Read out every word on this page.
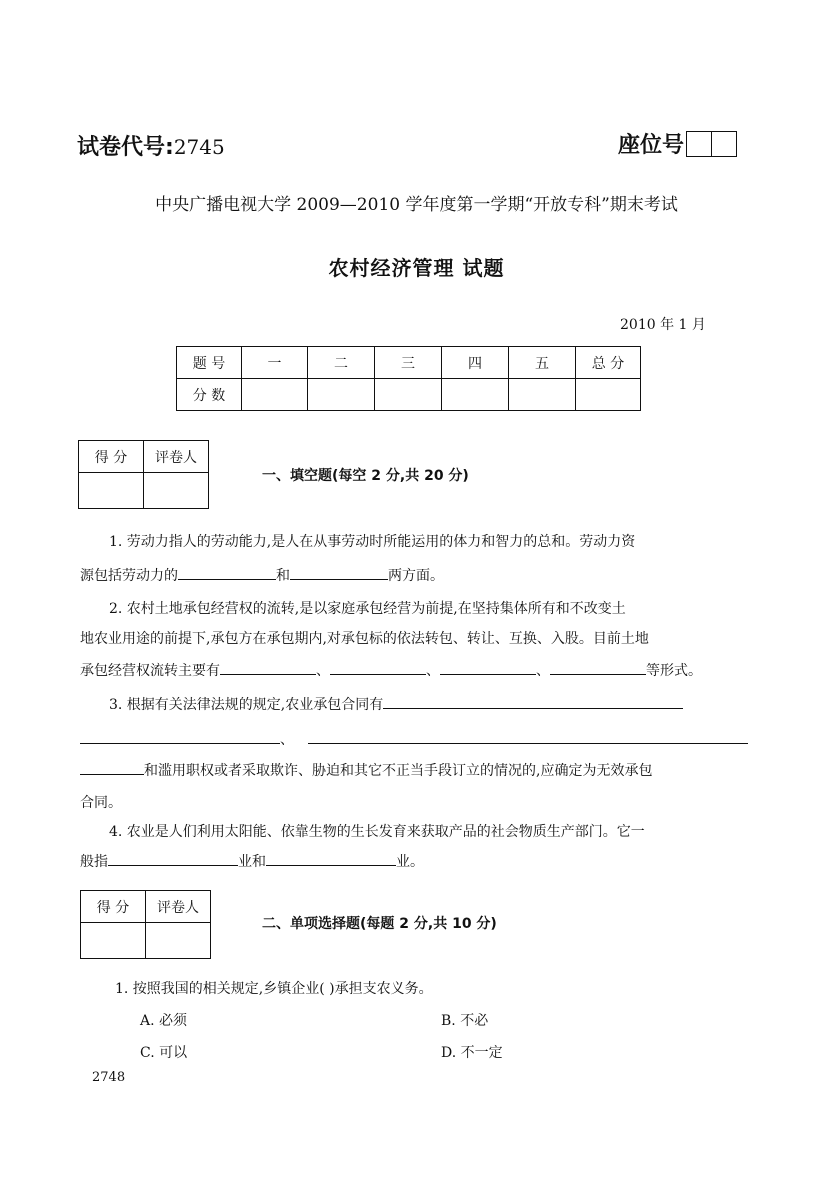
试卷代号:2745	座位号
中央广播电视大学 2009—2010 学年度第一学期“开放专科”期末考试
农村经济管理 试题
2010 年 1 月
题 号	一	二	三	四	五	总 分
分 数						
得 分	评卷人

一、填空题(每空 2 分,共 20 分)
1. 劳动力指人的劳动能力,是人在从事劳动时所能运用的体力和智力的总和。劳动力资
源包括劳动力的	和	两方面。
2. 农村土地承包经营权的流转,是以家庭承包经营为前提,在坚持集体所有和不改变土
地农业用途的前提下,承包方在承包期内,对承包标的依法转包、转让、互换、入股。目前土地
承包经营权流转主要有	、	、	、	等形式。
3. 根据有关法律法规的规定,农业承包合同有
、
和滥用职权或者采取欺诈、胁迫和其它不正当手段订立的情况的,应确定为无效承包
合同。
4. 农业是人们利用太阳能、依靠生物的生长发育来获取产品的社会物质生产部门。它一
般指	业和	业。
得 分	评卷人

二、单项选择题(每题 2 分,共 10 分)
1. 按照我国的相关规定,乡镇企业( )承担支农义务。
A. 必须	B. 不必
C. 可以	D. 不一定
2748
